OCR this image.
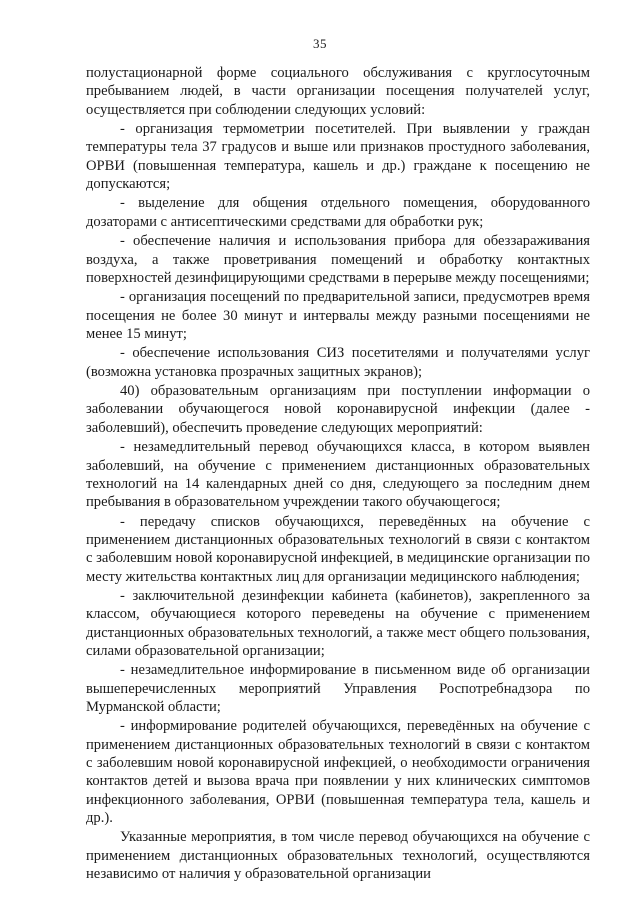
35

полустационарной форме социального обслуживания с круглосуточным пребыванием людей, в части организации посещения получателей услуг, осуществляется при соблюдении следующих условий:

- организация термометрии посетителей. При выявлении у граждан температуры тела 37 градусов и выше или признаков простудного заболевания, ОРВИ (повышенная температура, кашель и др.) граждане к посещению не допускаются;

- выделение для общения отдельного помещения, оборудованного дозаторами с антисептическими средствами для обработки рук;

- обеспечение наличия и использования прибора для обеззараживания воздуха, а также проветривания помещений и обработку контактных поверхностей дезинфицирующими средствами в перерыве между посещениями;

- организация посещений по предварительной записи, предусмотрев время посещения не более 30 минут и интервалы между разными посещениями не менее 15 минут;

- обеспечение использования СИЗ посетителями и получателями услуг (возможна установка прозрачных защитных экранов);

40) образовательным организациям при поступлении информации о заболевании обучающегося новой коронавирусной инфекции (далее - заболевший), обеспечить проведение следующих мероприятий:

- незамедлительный перевод обучающихся класса, в котором выявлен заболевший, на обучение с применением дистанционных образовательных технологий на 14 календарных дней со дня, следующего за последним днем пребывания в образовательном учреждении такого обучающегося;

- передачу списков обучающихся, переведённых на обучение с применением дистанционных образовательных технологий в связи с контактом с заболевшим новой коронавирусной инфекцией, в медицинские организации по месту жительства контактных лиц для организации медицинского наблюдения;

- заключительной дезинфекции кабинета (кабинетов), закрепленного за классом, обучающиеся которого переведены на обучение с применением дистанционных образовательных технологий, а также мест общего пользования, силами образовательной организации;

- незамедлительное информирование в письменном виде об организации вышеперечисленных мероприятий Управления Роспотребнадзора по Мурманской области;

- информирование родителей обучающихся, переведённых на обучение с применением дистанционных образовательных технологий в связи с контактом с заболевшим новой коронавирусной инфекцией, о необходимости ограничения контактов детей и вызова врача при появлении у них клинических симптомов инфекционного заболевания, ОРВИ (повышенная температура тела, кашель и др.).

Указанные мероприятия, в том числе перевод обучающихся на обучение с применением дистанционных образовательных технологий, осуществляются независимо от наличия у образовательной организации
